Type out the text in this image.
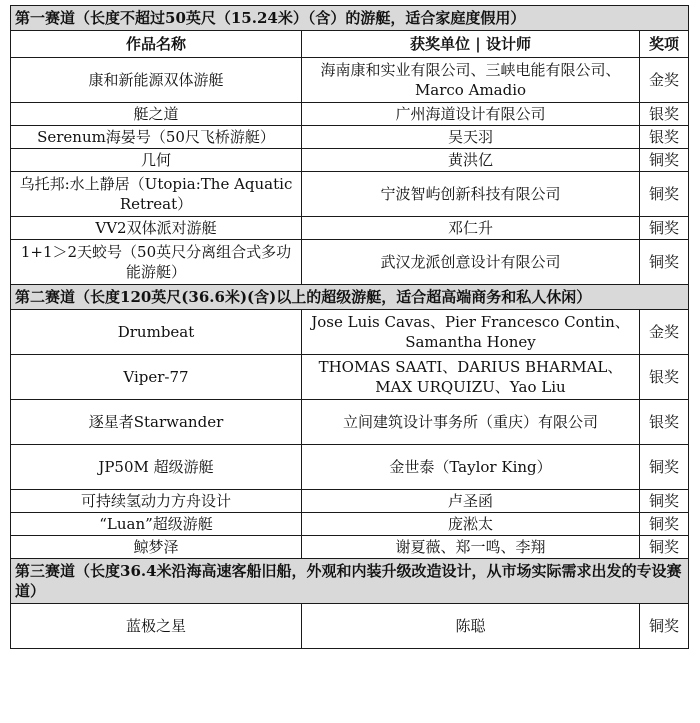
第一赛道（长度不超过50英尺（15.24米）（含）的游艇，适合家庭度假用）		
作品名称	获奖单位 | 设计师	奖项
康和新能源双体游艇	海南康和实业有限公司、三峡电能有限公司、Marco Amadio	金奖
艇之道	广州海道设计有限公司	银奖
Serenum海晏号（50尺飞桥游艇）	吴天羽	银奖
几何	黄洪亿	铜奖
乌托邦:水上静居（Utopia:The Aquatic Retreat）	宁波智屿创新科技有限公司	铜奖
VV2双体派对游艇	邓仁升	铜奖
1+1＞2天蛟号（50英尺分离组合式多功能游艇）	武汉龙派创意设计有限公司	铜奖
第二赛道（长度120英尺(36.6米)(含)以上的超级游艇，适合超高端商务和私人休闲）		
Drumbeat	Jose Luis Cavas、Pier Francesco Contin、Samantha Honey	金奖
Viper-77	THOMAS SAATI、DARIUS BHARMAL、MAX URQUIZU、Yao Liu	银奖
逐星者Starwander	立间建筑设计事务所（重庆）有限公司	银奖
JP50M 超级游艇	金世泰（Taylor King）	铜奖
可持续氢动力方舟设计	卢圣函	铜奖
“Luan”超级游艇	庞淞太	铜奖
鲸梦泽	谢夏薇、郑一鸣、李翔	铜奖
第三赛道（长度36.4米沿海高速客船旧船，外观和内装升级改造设计，从市场实际需求出发的专设赛道）		
蓝极之星	陈聪	铜奖
